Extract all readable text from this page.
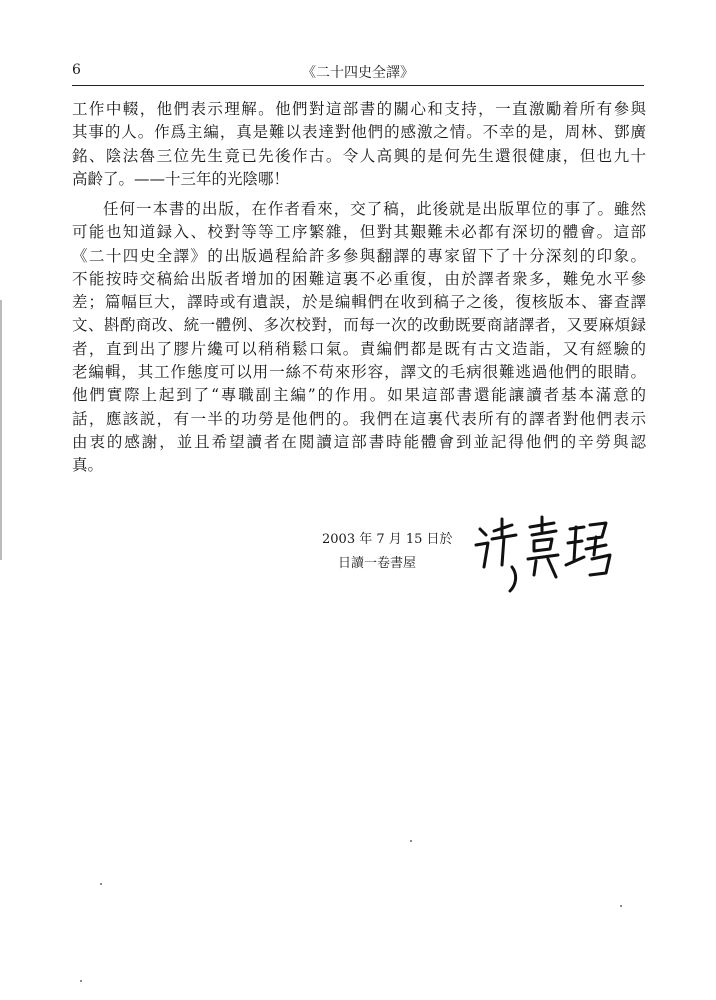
6	《二十四史全譯》
工作中輟，他們表示理解。他們對這部書的關心和支持，一直激勵着所有參與
其事的人。作爲主編，真是難以表達對他們的感激之情。不幸的是，周林、鄧廣
銘、陰法魯三位先生竟已先後作古。令人高興的是何先生還很健康，但也九十
高齡了。——十三年的光陰哪！
任何一本書的出版，在作者看來，交了稿，此後就是出版單位的事了。雖然
可能也知道録入、校對等等工序繁雜，但對其艱難未必都有深切的體會。這部
《二十四史全譯》的出版過程給許多參與翻譯的專家留下了十分深刻的印象。
不能按時交稿給出版者增加的困難這裏不必重復，由於譯者衆多，難免水平參
差；篇幅巨大，譯時或有遺誤，於是编輯們在收到稿子之後，復核版本、審查譯
文、斟酌商改、統一體例、多次校對，而每一次的改動既要商諸譯者，又要麻煩録
者，直到出了膠片纔可以稍稍鬆口氣。責編們都是既有古文造詣，又有經驗的
老編輯，其工作態度可以用一絲不苟來形容，譯文的毛病很難逃過他們的眼睛。
他們實際上起到了“專職副主編”的作用。如果這部書還能讓讀者基本滿意的
話，應該説，有一半的功勞是他們的。我們在這裏代表所有的譯者對他們表示
由衷的感謝，並且希望讀者在閲讀這部書時能體會到並記得他們的辛勞與認
真。
2003 年 7 月 15 日於
日讀一卷書屋
